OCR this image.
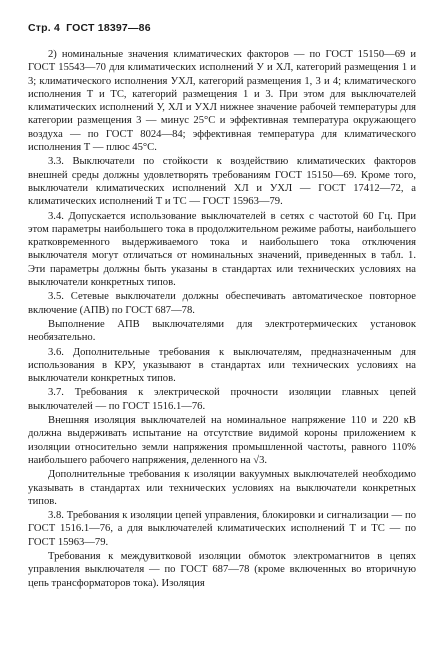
Стр. 4 ГОСТ 18397—86

2) номинальные значения климатических факторов — по ГОСТ 15150—69 и ГОСТ 15543—70 для климатических исполнений У и ХЛ, категорий размещения 1 и 3; климатического исполнения УХЛ, категорий размещения 1, 3 и 4; климатического исполнения Т и ТС, категорий размещения 1 и 3. При этом для выключателей климатических исполнений У, ХЛ и УХЛ нижнее значение рабочей температуры для категории размещения 3 — минус 25°С и эффективная температура окружающего воздуха — по ГОСТ 8024—84; эффективная температура для климатического исполнения Т — плюс 45°С.

3.3. Выключатели по стойкости к воздействию климатических факторов внешней среды должны удовлетворять требованиям ГОСТ 15150—69. Кроме того, выключатели климатических исполнений ХЛ и УХЛ — ГОСТ 17412—72, а климатических исполнений Т и ТС — ГОСТ 15963—79.

3.4. Допускается использование выключателей в сетях с частотой 60 Гц. При этом параметры наибольшего тока в продолжительном режиме работы, наибольшего кратковременного выдерживаемого тока и наибольшего тока отключения выключателя могут отличаться от номинальных значений, приведенных в табл. 1. Эти параметры должны быть указаны в стандартах или технических условиях на выключатели конкретных типов.

3.5. Сетевые выключатели должны обеспечивать автоматическое повторное включение (АПВ) по ГОСТ 687—78.

Выполнение АПВ выключателями для электротермических установок необязательно.

3.6. Дополнительные требования к выключателям, предназначенным для использования в КРУ, указывают в стандартах или технических условиях на выключатели конкретных типов.

3.7. Требования к электрической прочности изоляции главных цепей выключателей — по ГОСТ 1516.1—76.

Внешняя изоляция выключателей на номинальное напряжение 110 и 220 кВ должна выдерживать испытание на отсутствие видимой короны приложением к изоляции относительно земли напряжения промышленной частоты, равного 110% наибольшего рабочего напряжения, деленного на √3.

Дополнительные требования к изоляции вакуумных выключателей необходимо указывать в стандартах или технических условиях на выключатели конкретных типов.

3.8. Требования к изоляции цепей управления, блокировки и сигнализации — по ГОСТ 1516.1—76, а для выключателей климатических исполнений Т и ТС — по ГОСТ 15963—79.

Требования к междувитковой изоляции обмоток электромагнитов в цепях управления выключателя — по ГОСТ 687—78 (кроме включенных во вторичную цепь трансформаторов тока). Изоляция
